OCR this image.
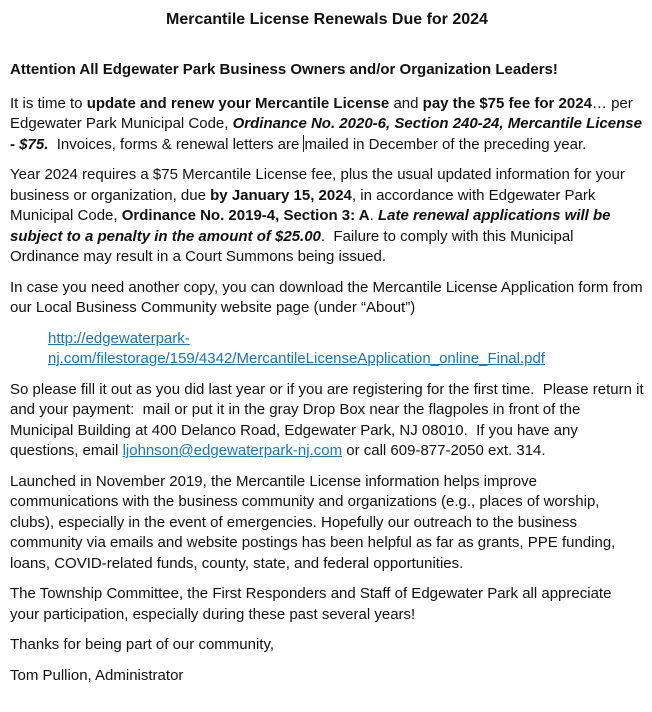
Mercantile License Renewals Due for 2024
Attention All Edgewater Park Business Owners and/or Organization Leaders!

It is time to update and renew your Mercantile License and pay the $75 fee for 2024… per Edgewater Park Municipal Code, Ordinance No. 2020-6, Section 240-24, Mercantile License - $75.  Invoices, forms & renewal letters are mailed in December of the preceding year.

Year 2024 requires a $75 Mercantile License fee, plus the usual updated information for your business or organization, due by January 15, 2024, in accordance with Edgewater Park Municipal Code, Ordinance No. 2019-4, Section 3: A. Late renewal applications will be subject to a penalty in the amount of $25.00.  Failure to comply with this Municipal Ordinance may result in a Court Summons being issued.

In case you need another copy, you can download the Mercantile License Application form from our Local Business Community website page (under “About”)

http://edgewaterpark-nj.com/filestorage/159/4342/MercantileLicenseApplication_online_Final.pdf

So please fill it out as you did last year or if you are registering for the first time.  Please return it and your payment:  mail or put it in the gray Drop Box near the flagpoles in front of the Municipal Building at 400 Delanco Road, Edgewater Park, NJ 08010.  If you have any questions, email ljohnson@edgewaterpark-nj.com or call 609-877-2050 ext. 314.

Launched in November 2019, the Mercantile License information helps improve communications with the business community and organizations (e.g., places of worship, clubs), especially in the event of emergencies. Hopefully our outreach to the business community via emails and website postings has been helpful as far as grants, PPE funding, loans, COVID-related funds, county, state, and federal opportunities.

The Township Committee, the First Responders and Staff of Edgewater Park all appreciate your participation, especially during these past several years!

Thanks for being part of our community,

Tom Pullion, Administrator
